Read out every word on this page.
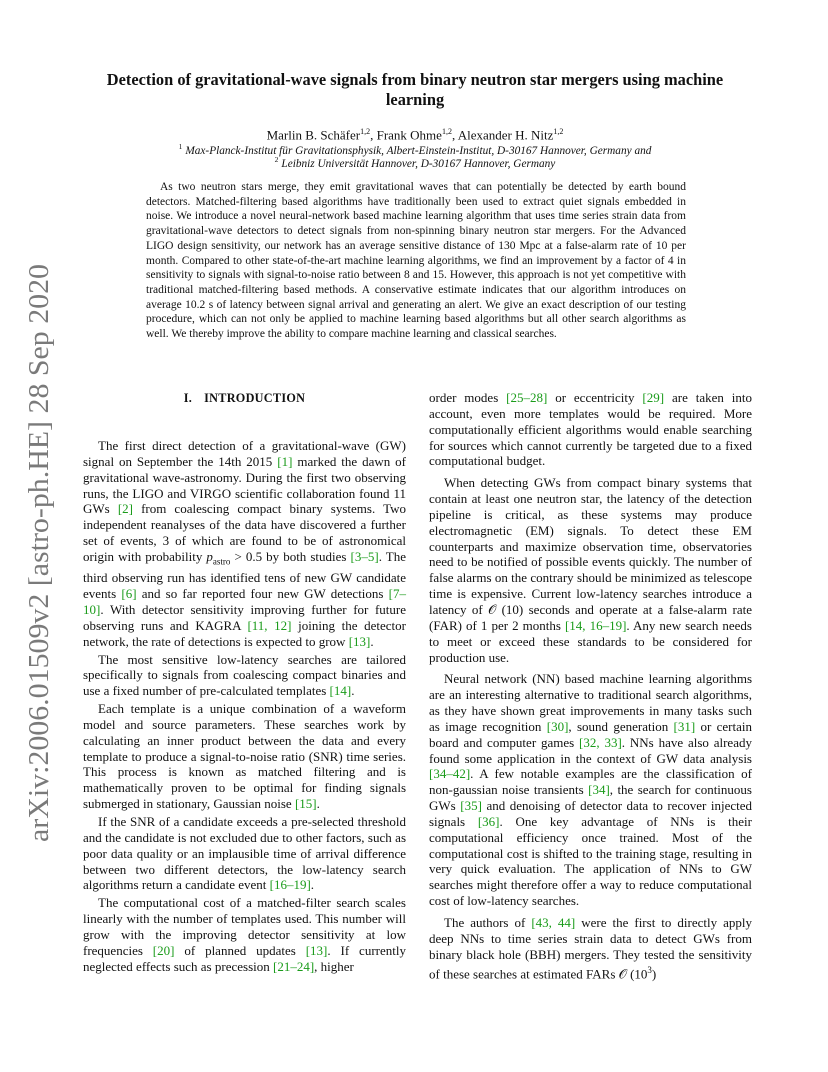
arXiv:2006.01509v2 [astro-ph.HE] 28 Sep 2020
Detection of gravitational-wave signals from binary neutron star mergers using machine learning
Marlin B. Schäfer$^{1,2}$, Frank Ohme$^{1,2}$, Alexander H. Nitz$^{1,2}$
$^1$ Max-Planck-Institut für Gravitationsphysik, Albert-Einstein-Institut, D-30167 Hannover, Germany and
$^2$ Leibniz Universität Hannover, D-30167 Hannover, Germany

As two neutron stars merge, they emit gravitational waves that can potentially be detected by earth bound detectors. Matched-filtering based algorithms have traditionally been used to extract quiet signals embedded in noise. We introduce a novel neural-network based machine learning algorithm that uses time series strain data from gravitational-wave detectors to detect signals from non-spinning binary neutron star mergers. For the Advanced LIGO design sensitivity, our network has an average sensitive distance of 130 Mpc at a false-alarm rate of 10 per month. Compared to other state-of-the-art machine learning algorithms, we find an improvement by a factor of 4 in sensitivity to signals with signal-to-noise ratio between 8 and 15. However, this approach is not yet competitive with traditional matched-filtering based methods. A conservative estimate indicates that our algorithm introduces on average 10.2 s of latency between signal arrival and generating an alert. We give an exact description of our testing procedure, which can not only be applied to machine learning based algorithms but all other search algorithms as well. We thereby improve the ability to compare machine learning and classical searches.

I. INTRODUCTION

The first direct detection of a gravitational-wave (GW) signal on September the 14th 2015 [1] marked the dawn of gravitational wave-astronomy. During the first two observing runs, the LIGO and VIRGO scientific collaboration found 11 GWs [2] from coalescing compact binary systems. Two independent reanalyses of the data have discovered a further set of events, 3 of which are found to be of astronomical origin with probability $p_{astro} > 0.5$ by both studies [3–5]. The third observing run has identified tens of new GW candidate events [6] and so far reported four new GW detections [7–10]. With detector sensitivity improving further for future observing runs and KAGRA [11, 12] joining the detector network, the rate of detections is expected to grow [13].

The most sensitive low-latency searches are tailored specifically to signals from coalescing compact binaries and use a fixed number of pre-calculated templates [14].

Each template is a unique combination of a waveform model and source parameters. These searches work by calculating an inner product between the data and every template to produce a signal-to-noise ratio (SNR) time series. This process is known as matched filtering and is mathematically proven to be optimal for finding signals submerged in stationary, Gaussian noise [15].

If the SNR of a candidate exceeds a pre-selected threshold and the candidate is not excluded due to other factors, such as poor data quality or an implausible time of arrival difference between two different detectors, the low-latency search algorithms return a candidate event [16–19].

The computational cost of a matched-filter search scales linearly with the number of templates used. This number will grow with the improving detector sensitivity at low frequencies [20] of planned updates [13]. If currently neglected effects such as precession [21–24], higher

order modes [25–28] or eccentricity [29] are taken into account, even more templates would be required. More computationally efficient algorithms would enable searching for sources which cannot currently be targeted due to a fixed computational budget.

When detecting GWs from compact binary systems that contain at least one neutron star, the latency of the detection pipeline is critical, as these systems may produce electromagnetic (EM) signals. To detect these EM counterparts and maximize observation time, observatories need to be notified of possible events quickly. The number of false alarms on the contrary should be minimized as telescope time is expensive. Current low-latency searches introduce a latency of 𝒪 (10) seconds and operate at a false-alarm rate (FAR) of 1 per 2 months [14, 16–19]. Any new search needs to meet or exceed these standards to be considered for production use.

Neural network (NN) based machine learning algorithms are an interesting alternative to traditional search algorithms, as they have shown great improvements in many tasks such as image recognition [30], sound generation [31] or certain board and computer games [32, 33]. NNs have also already found some application in the context of GW data analysis [34–42]. A few notable examples are the classification of non-gaussian noise transients [34], the search for continuous GWs [35] and denoising of detector data to recover injected signals [36]. One key advantage of NNs is their computational efficiency once trained. Most of the computational cost is shifted to the training stage, resulting in very quick evaluation. The application of NNs to GW searches might therefore offer a way to reduce computational cost of low-latency searches.

The authors of [43, 44] were the first to directly apply deep NNs to time series strain data to detect GWs from binary black hole (BBH) mergers. They tested the sensitivity of these searches at estimated FARs 𝒪 $(10^3)$
